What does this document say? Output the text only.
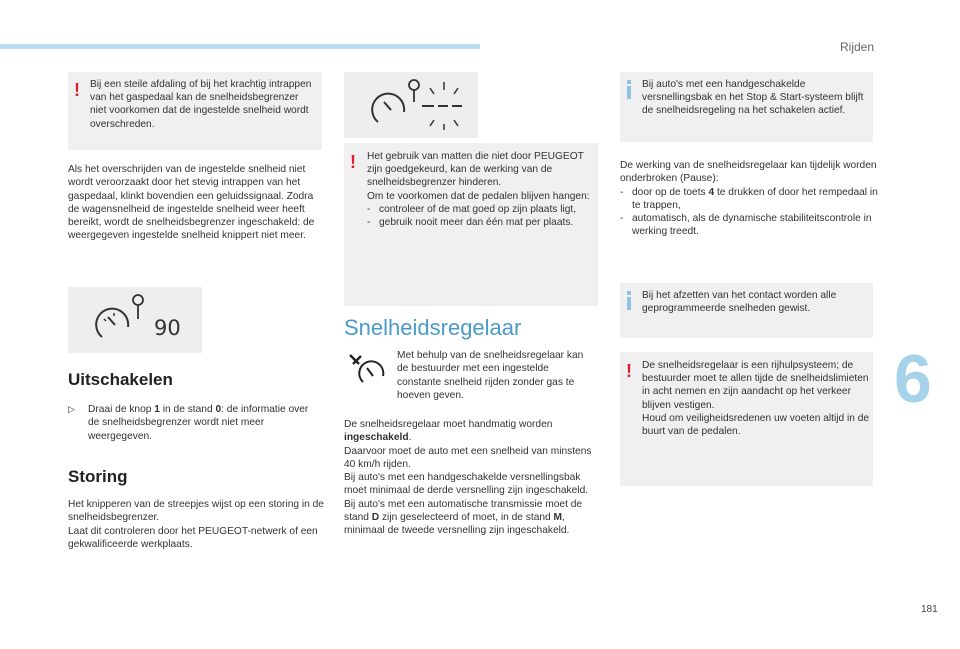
Rijden
! Bij een steile afdaling of bij het krachtig intrappen van het gaspedaal kan de snelheidsbegrenzer niet voorkomen dat de ingestelde snelheid wordt overschreden.
Als het overschrijden van de ingestelde snelheid niet wordt veroorzaakt door het stevig intrappen van het gaspedaal, klinkt bovendien een geluidssignaal. Zodra de wagensnelheid de ingestelde snelheid weer heeft bereikt, wordt de snelheidsbegrenzer ingeschakeld: de weergegeven ingestelde snelheid knippert niet meer.
90
Uitschakelen
▷	Draai de knop 1 in de stand 0: de informatie over de snelheidsbegrenzer wordt niet meer weergegeven.
Storing
Het knipperen van de streepjes wijst op een storing in de snelheidsbegrenzer.
Laat dit controleren door het PEUGEOT-netwerk of een gekwalificeerde werkplaats.
! Het gebruik van matten die niet door PEUGEOT zijn goedgekeurd, kan de werking van de snelheidsbegrenzer hinderen.
Om te voorkomen dat de pedalen blijven hangen:
- controleer of de mat goed op zijn plaats ligt,
- gebruik nooit meer dan één mat per plaats.
Snelheidsregelaar
Met behulp van de snelheidsregelaar kan de bestuurder met een ingestelde constante snelheid rijden zonder gas te hoeven geven.
De snelheidsregelaar moet handmatig worden ingeschakeld.
Daarvoor moet de auto met een snelheid van minstens 40 km/h rijden.
Bij auto's met een handgeschakelde versnellingsbak moet minimaal de derde versnelling zijn ingeschakeld.
Bij auto's met een automatische transmissie moet de stand D zijn geselecteerd of moet, in de stand M, minimaal de tweede versnelling zijn ingeschakeld.
Bij auto's met een handgeschakelde versnellingsbak en het Stop & Start-systeem blijft de snelheidsregeling na het schakelen actief.
De werking van de snelheidsregelaar kan tijdelijk worden onderbroken (Pause):
- door op de toets 4 te drukken of door het rempedaal in te trappen,
- automatisch, als de dynamische stabiliteitscontrole in werking treedt.
Bij het afzetten van het contact worden alle geprogrammeerde snelheden gewist.
! De snelheidsregelaar is een rijhulpsysteem; de bestuurder moet te allen tijde de snelheidslimieten in acht nemen en zijn aandacht op het verkeer blijven vestigen.
Houd om veiligheidsredenen uw voeten altijd in de buurt van de pedalen.
6
181
